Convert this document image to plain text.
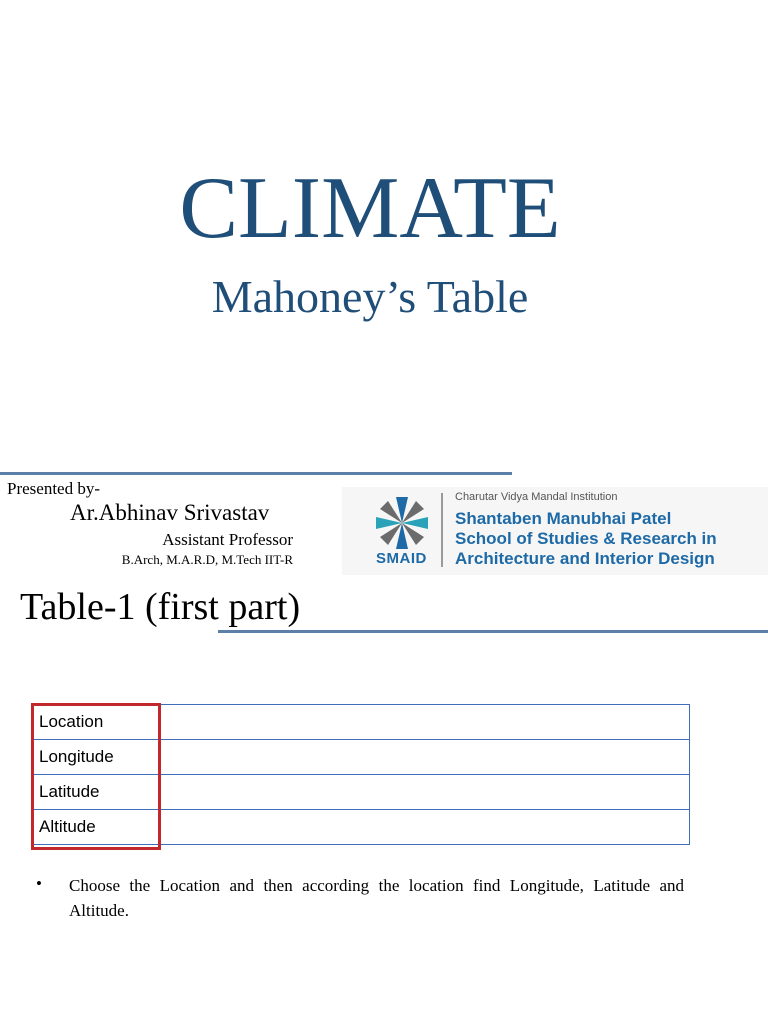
CLIMATE
Mahoney’s Table
Presented by-
Ar.Abhinav Srivastav
Assistant Professor
B.Arch, M.A.R.D, M.Tech IIT-R	SMAID
Charutar Vidya Mandal Institution
Shantaben Manubhai Patel
School of Studies & Research in
Architecture and Interior Design
Table-1 (first part)
Location	
Longitude	
Latitude	
Altitude	
• Choose the Location and then according the location find Longitude, Latitude and Altitude.
